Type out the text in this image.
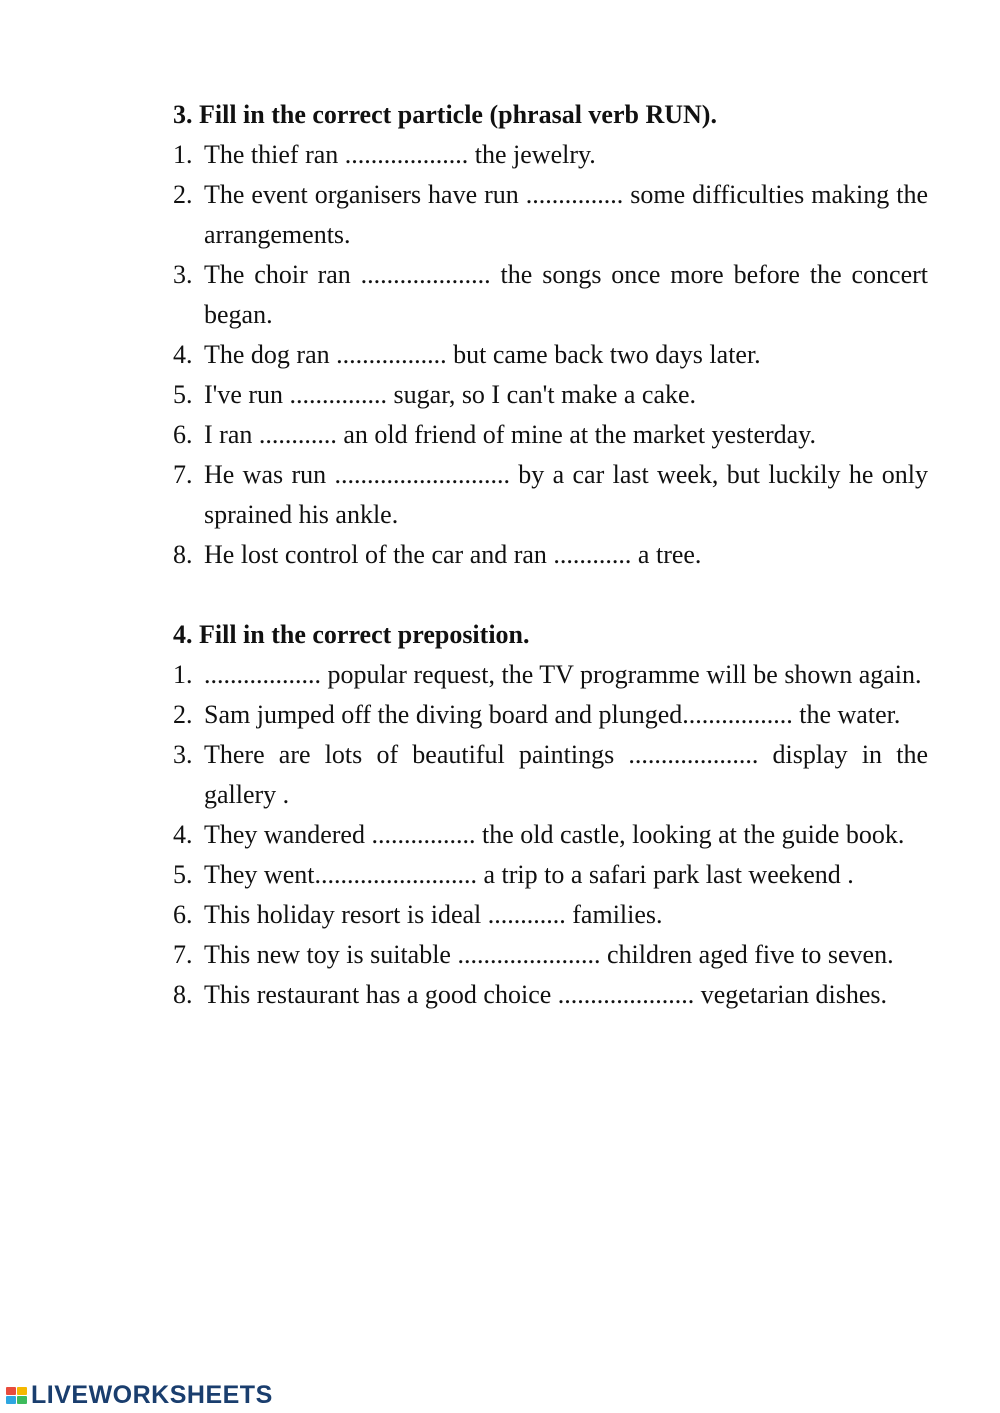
3. Fill in the correct particle (phrasal verb RUN).
1. The thief ran ................... the jewelry.
2. The event organisers have run ............... some difficulties making the arrangements.
3. The choir ran .................... the songs once more before the concert began.
4. The dog ran ................. but came back two days later.
5. I've run ............... sugar, so I can't make a cake.
6. I ran ............ an old friend of mine at the market yesterday.
7. He was run ........................... by a car last week, but luckily he only sprained his ankle.
8. He lost control of the car and ran ............ a tree.
4. Fill in the correct preposition.
1. .................. popular request, the TV programme will be shown again.
2. Sam jumped off the diving board and plunged................. the water.
3. There are lots of beautiful paintings .................... display in the gallery .
4. They wandered ................ the old castle, looking at the guide book.
5. They went......................... a trip to a safari park last weekend .
6. This holiday resort is ideal ............ families.
7. This new toy is suitable ...................... children aged five to seven.
8. This restaurant has a good choice ..................... vegetarian dishes.
LIVEWORKSHEETS
